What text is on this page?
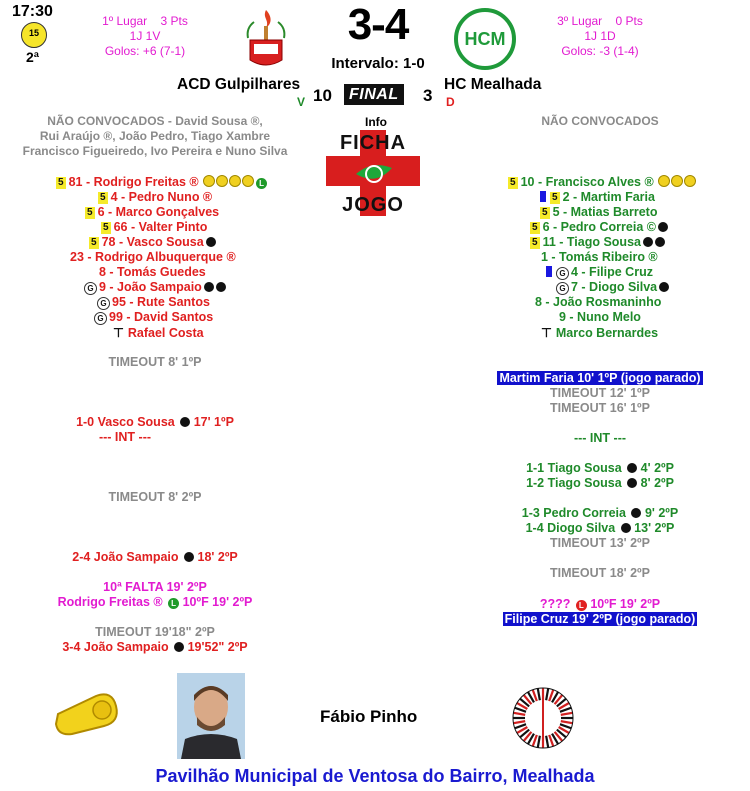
17:30
15
2ª
1º Lugar 3 Pts
1J 1V
Golos: +6 (7-1)
3-4
Intervalo: 1-0
HCM
3º Lugar 0 Pts
1J 1D
Golos: -3 (1-4)
ACD Gulpilhares
V 10	FINAL 3
HC Mealhada
D
NÃO CONVOCADOS - David Sousa ®,
Rui Araújo ®, João Pedro, Tiago Xambre
Francisco Figueiredo, Ivo Pereira e Nuno Silva
NÃO CONVOCADOS
Info
FICHA
JOGO
5 81 - Rodrigo Freitas ®	L
5 4 - Pedro Nuno ®
5 6 - Marco Gonçalves
5 66 - Valter Pinto
5 78 - Vasco Sousa
23 - Rodrigo Albuquerque ®
8 - Tomás Guedes
G 9 - João Sampaio
G 95 - Rute Santos
G 99 - David Santos
⊤ Rafael Costa
5 10 - Francisco Alves ®
5 2 - Martim Faria
5 5 - Matias Barreto
5 6 - Pedro Correia ©
5 11 - Tiago Sousa
1 - Tomás Ribeiro ®
G 4 - Filipe Cruz
G 7 - Diogo Silva
8 - João Rosmaninho
9 - Nuno Melo
⊤ Marco Bernardes
TIMEOUT 8' 1ºP
1-0 Vasco Sousa 17' 1ºP
--- INT ---
TIMEOUT 8' 2ºP
2-4 João Sampaio 18' 2ºP
10ª FALTA 19' 2ºP
Rodrigo Freitas ® L 10ºF 19' 2ºP
TIMEOUT 19'18" 2ºP
3-4 João Sampaio 19'52" 2ºP
Martim Faria 10' 1ºP (jogo parado)
TIMEOUT 12' 1ºP
TIMEOUT 16' 1ºP
--- INT ---
1-1 Tiago Sousa 4' 2ºP
1-2 Tiago Sousa 8' 2ºP
1-3 Pedro Correia 9' 2ºP
1-4 Diogo Silva 13' 2ºP
TIMEOUT 13' 2ºP
TIMEOUT 18' 2ºP
???? L 10ºF 19' 2ºP
Filipe Cruz 19' 2ºP (jogo parado)
Fábio Pinho
Pavilhão Municipal de Ventosa do Bairro, Mealhada
